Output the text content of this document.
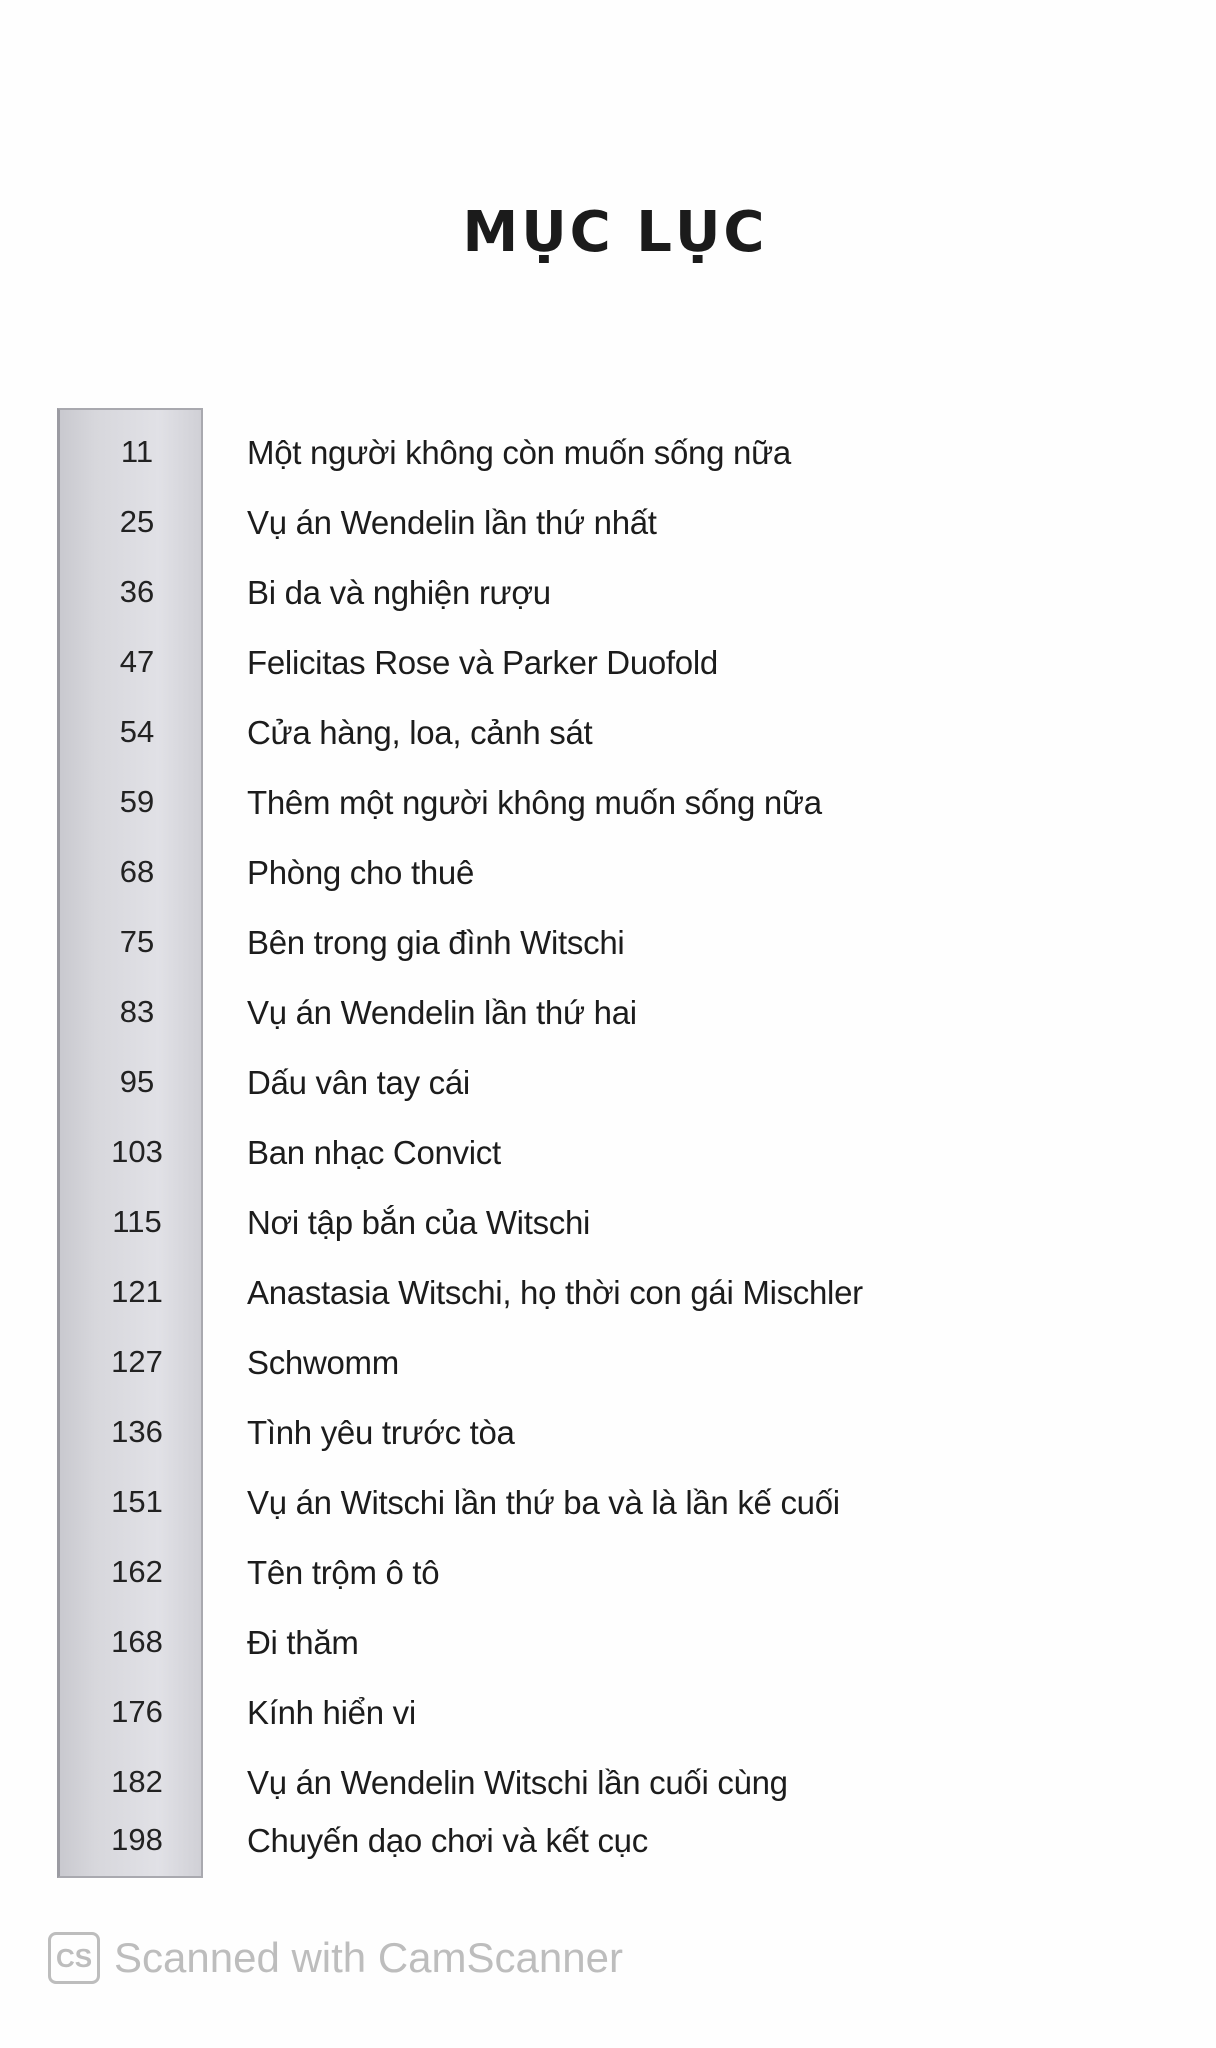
MỤC LỤC
11	Một người không còn muốn sống nữa
25	Vụ án Wendelin lần thứ nhất
36	Bi da và nghiện rượu
47	Felicitas Rose và Parker Duofold
54	Cửa hàng, loa, cảnh sát
59	Thêm một người không muốn sống nữa
68	Phòng cho thuê
75	Bên trong gia đình Witschi
83	Vụ án Wendelin lần thứ hai
95	Dấu vân tay cái
103	Ban nhạc Convict
115	Nơi tập bắn của Witschi
121	Anastasia Witschi, họ thời con gái Mischler
127	Schwomm
136	Tình yêu trước tòa
151	Vụ án Witschi lần thứ ba và là lần kế cuối
162	Tên trộm ô tô
168	Đi thăm
176	Kính hiển vi
182	Vụ án Wendelin Witschi lần cuối cùng
198	Chuyến dạo chơi và kết cục
CS Scanned with CamScanner
